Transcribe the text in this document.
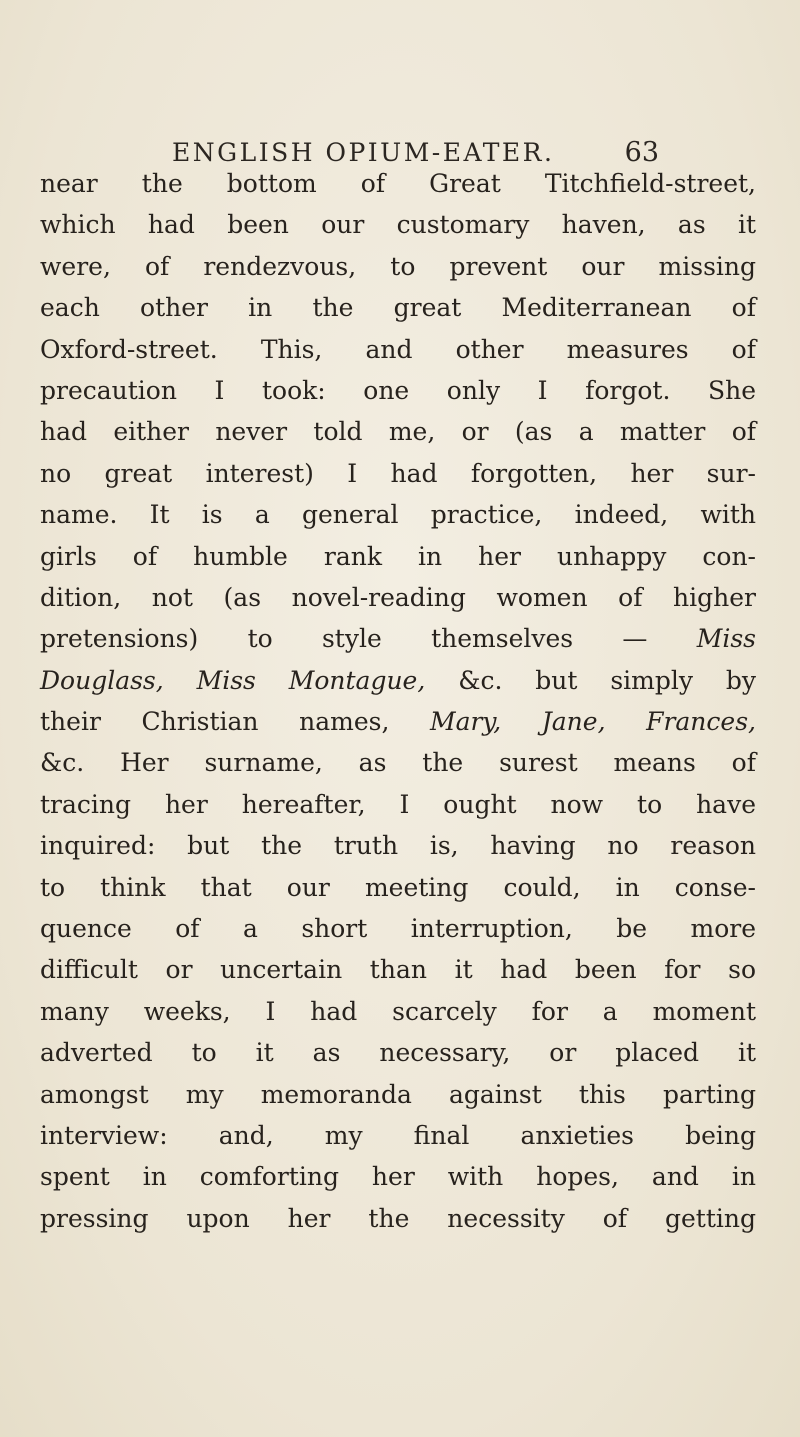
ENGLISH OPIUM-EATER.	63
near the bottom of Great Titchfield-street,
which had been our customary haven, as it
were, of rendezvous, to prevent our missing
each other in the great Mediterranean of
Oxford-street. This, and other measures of
precaution I took: one only I forgot. She
had either never told me, or (as a matter of
no great interest) I had forgotten, her sur-
name. It is a general practice, indeed, with
girls of humble rank in her unhappy con-
dition, not (as novel-reading women of higher
pretensions) to style themselves — Miss
Douglass, Miss Montague, &c. but simply by
their Christian names, Mary, Jane, Frances,
&c. Her surname, as the surest means of
tracing her hereafter, I ought now to have
inquired: but the truth is, having no reason
to think that our meeting could, in conse-
quence of a short interruption, be more
difficult or uncertain than it had been for so
many weeks, I had scarcely for a moment
adverted to it as necessary, or placed it
amongst my memoranda against this parting
interview: and, my final anxieties being
spent in comforting her with hopes, and in
pressing upon her the necessity of getting
